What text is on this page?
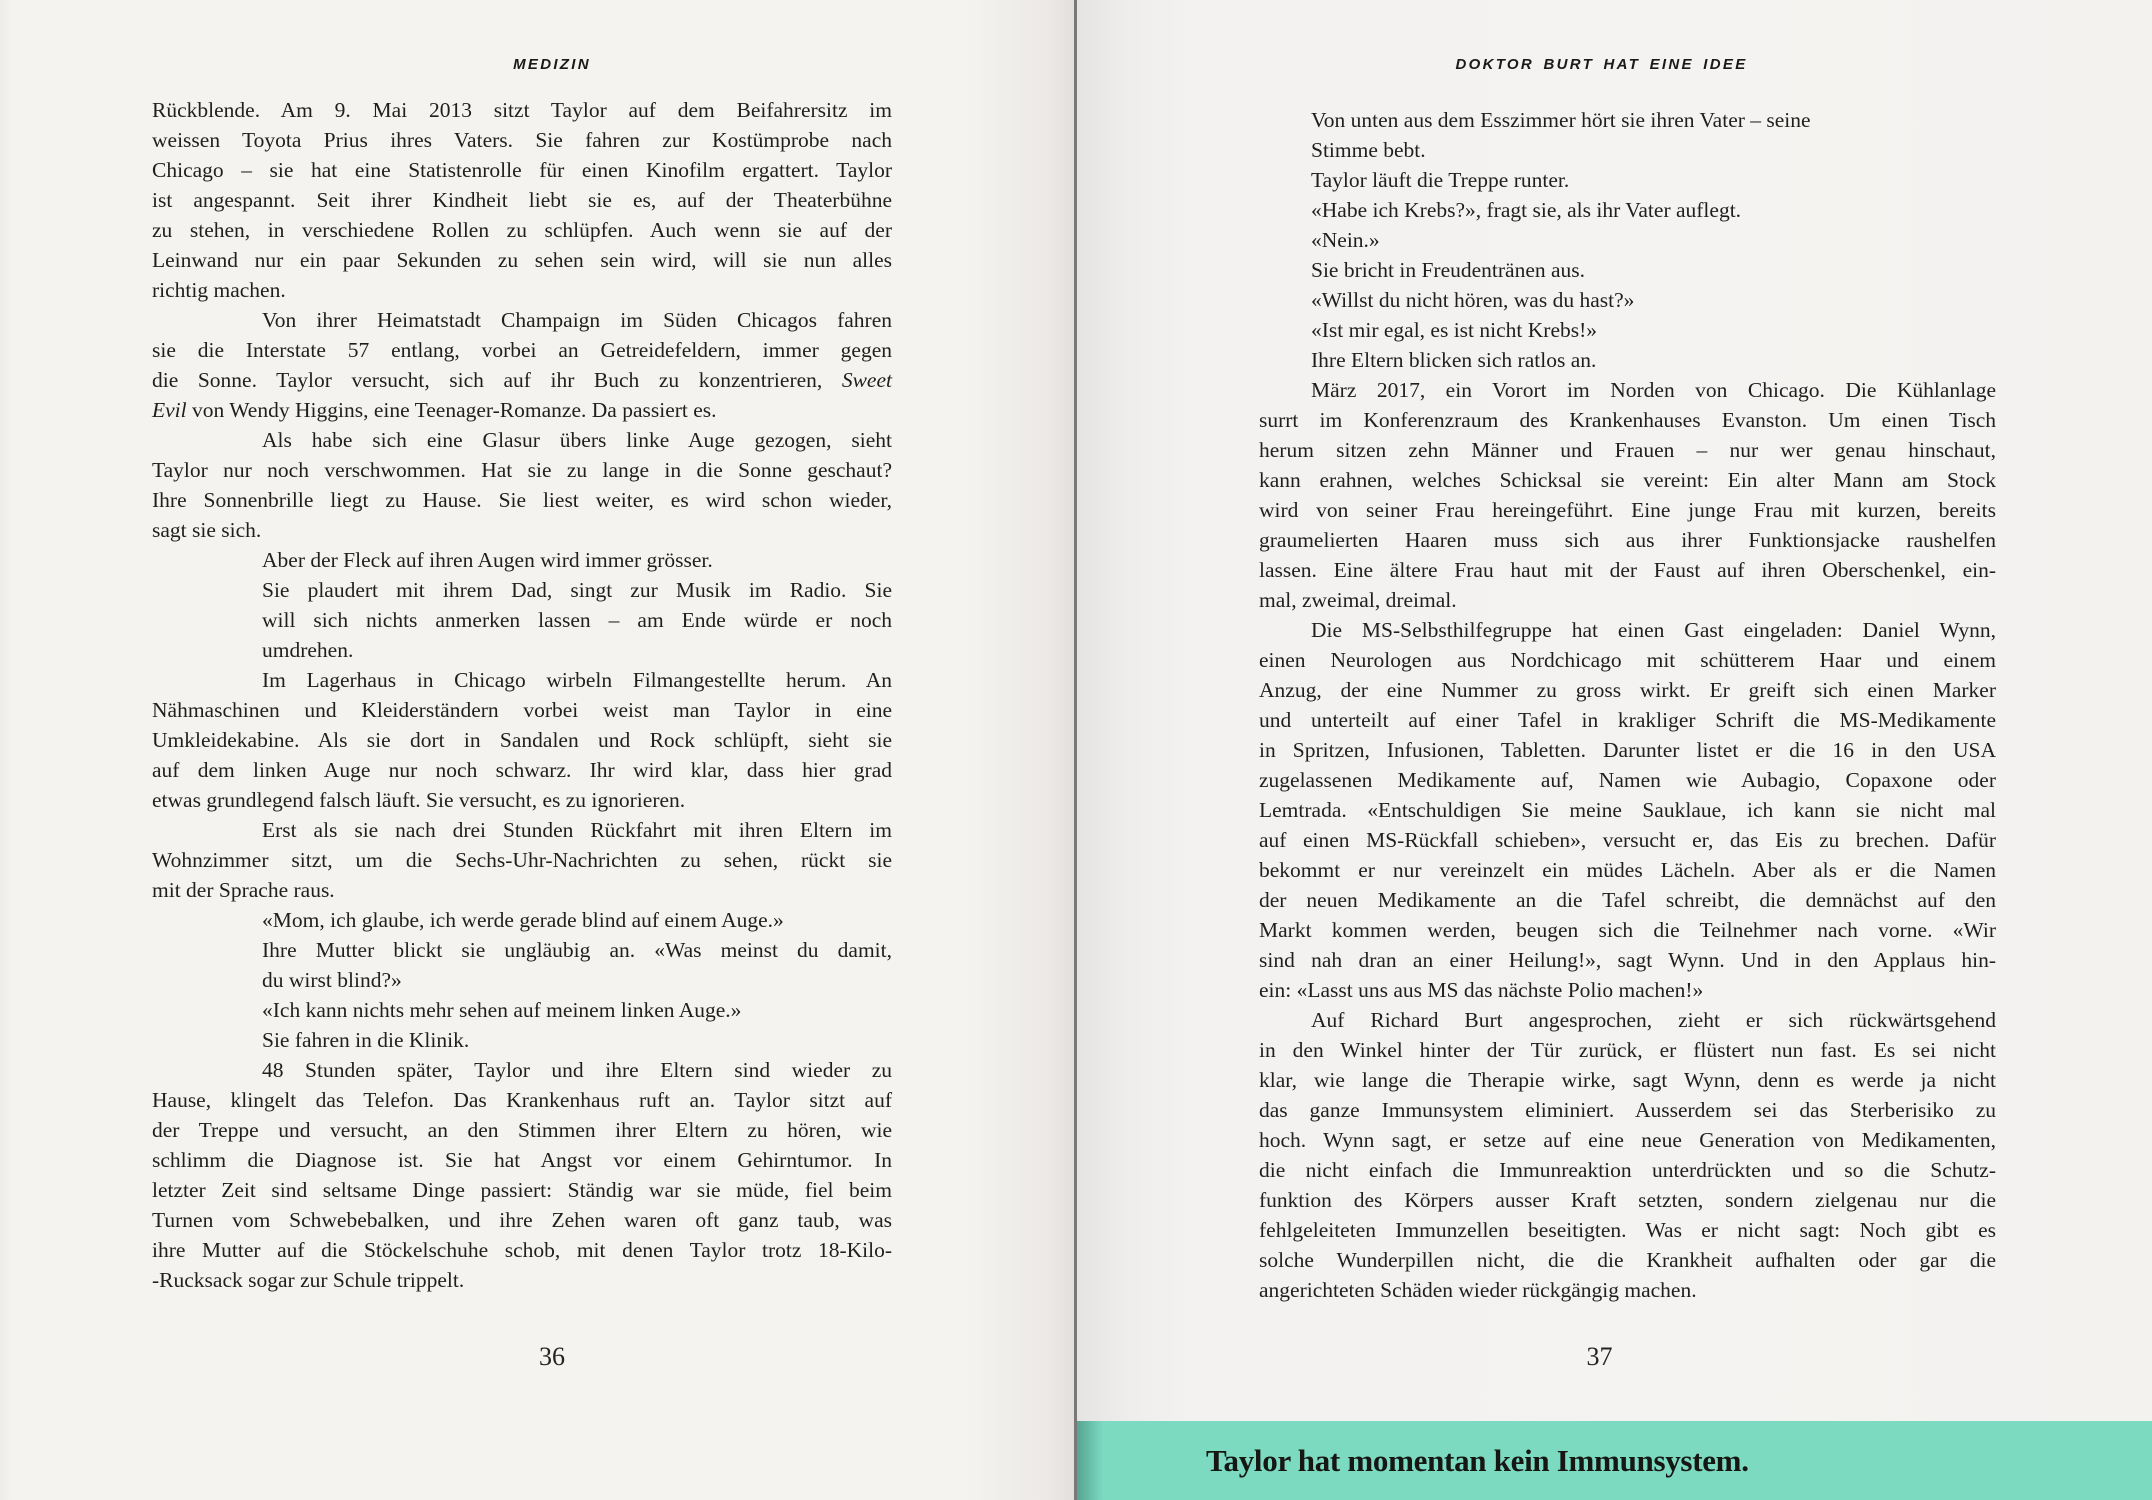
MEDIZIN
Rückblende. Am 9. Mai 2013 sitzt Taylor auf dem Beifahrersitz im
weissen Toyota Prius ihres Vaters. Sie fahren zur Kostümprobe nach
Chicago – sie hat eine Statistenrolle für einen Kinofilm ergattert. Taylor
ist angespannt. Seit ihrer Kindheit liebt sie es, auf der Theaterbühne
zu stehen, in verschiedene Rollen zu schlüpfen. Auch wenn sie auf der
Leinwand nur ein paar Sekunden zu sehen sein wird, will sie nun alles
richtig machen.
Von ihrer Heimatstadt Champaign im Süden Chicagos fahren
sie die Interstate 57 entlang, vorbei an Getreidefeldern, immer gegen
die Sonne. Taylor versucht, sich auf ihr Buch zu konzentrieren, Sweet
Evil von Wendy Higgins, eine Teenager-Romanze. Da passiert es.
Als habe sich eine Glasur übers linke Auge gezogen, sieht
Taylor nur noch verschwommen. Hat sie zu lange in die Sonne geschaut?
Ihre Sonnenbrille liegt zu Hause. Sie liest weiter, es wird schon wieder,
sagt sie sich.
Aber der Fleck auf ihren Augen wird immer grösser.
Sie plaudert mit ihrem Dad, singt zur Musik im Radio. Sie
will sich nichts anmerken lassen – am Ende würde er noch
umdrehen.
Im Lagerhaus in Chicago wirbeln Filmangestellte herum. An
Nähmaschinen und Kleiderständern vorbei weist man Taylor in eine
Umkleidekabine. Als sie dort in Sandalen und Rock schlüpft, sieht sie
auf dem linken Auge nur noch schwarz. Ihr wird klar, dass hier grad
etwas grundlegend falsch läuft. Sie versucht, es zu ignorieren.
Erst als sie nach drei Stunden Rückfahrt mit ihren Eltern im
Wohnzimmer sitzt, um die Sechs-Uhr-Nachrichten zu sehen, rückt sie
mit der Sprache raus.
«Mom, ich glaube, ich werde gerade blind auf einem Auge.»
Ihre Mutter blickt sie ungläubig an. «Was meinst du damit,
du wirst blind?»
«Ich kann nichts mehr sehen auf meinem linken Auge.»
Sie fahren in die Klinik.
48 Stunden später, Taylor und ihre Eltern sind wieder zu
Hause, klingelt das Telefon. Das Krankenhaus ruft an. Taylor sitzt auf
der Treppe und versucht, an den Stimmen ihrer Eltern zu hören, wie
schlimm die Diagnose ist. Sie hat Angst vor einem Gehirntumor. In
letzter Zeit sind seltsame Dinge passiert: Ständig war sie müde, fiel beim
Turnen vom Schwebebalken, und ihre Zehen waren oft ganz taub, was
ihre Mutter auf die Stöckelschuhe schob, mit denen Taylor trotz 18-Kilo-
-Rucksack sogar zur Schule trippelt.
36
DOKTOR BURT HAT EINE IDEE
Von unten aus dem Esszimmer hört sie ihren Vater – seine
Stimme bebt.
Taylor läuft die Treppe runter.
«Habe ich Krebs?», fragt sie, als ihr Vater auflegt.
«Nein.»
Sie bricht in Freudentränen aus.
«Willst du nicht hören, was du hast?»
«Ist mir egal, es ist nicht Krebs!»
Ihre Eltern blicken sich ratlos an.
März 2017, ein Vorort im Norden von Chicago. Die Kühlanlage
surrt im Konferenzraum des Krankenhauses Evanston. Um einen Tisch
herum sitzen zehn Männer und Frauen – nur wer genau hinschaut,
kann erahnen, welches Schicksal sie vereint: Ein alter Mann am Stock
wird von seiner Frau hereingeführt. Eine junge Frau mit kurzen, bereits
graumelierten Haaren muss sich aus ihrer Funktionsjacke raushelfen
lassen. Eine ältere Frau haut mit der Faust auf ihren Oberschenkel, ein-
mal, zweimal, dreimal.
Die MS-Selbsthilfegruppe hat einen Gast eingeladen: Daniel Wynn,
einen Neurologen aus Nordchicago mit schütterem Haar und einem
Anzug, der eine Nummer zu gross wirkt. Er greift sich einen Marker
und unterteilt auf einer Tafel in krakliger Schrift die MS-Medikamente
in Spritzen, Infusionen, Tabletten. Darunter listet er die 16 in den USA
zugelassenen Medikamente auf, Namen wie Aubagio, Copaxone oder
Lemtrada. «Entschuldigen Sie meine Sauklaue, ich kann sie nicht mal
auf einen MS-Rückfall schieben», versucht er, das Eis zu brechen. Dafür
bekommt er nur vereinzelt ein müdes Lächeln. Aber als er die Namen
der neuen Medikamente an die Tafel schreibt, die demnächst auf den
Markt kommen werden, beugen sich die Teilnehmer nach vorne. «Wir
sind nah dran an einer Heilung!», sagt Wynn. Und in den Applaus hin-
ein: «Lasst uns aus MS das nächste Polio machen!»
Auf Richard Burt angesprochen, zieht er sich rückwärtsgehend
in den Winkel hinter der Tür zurück, er flüstert nun fast. Es sei nicht
klar, wie lange die Therapie wirke, sagt Wynn, denn es werde ja nicht
das ganze Immunsystem eliminiert. Ausserdem sei das Sterberisiko zu
hoch. Wynn sagt, er setze auf eine neue Generation von Medikamenten,
die nicht einfach die Immunreaktion unterdrückten und so die Schutz-
funktion des Körpers ausser Kraft setzten, sondern zielgenau nur die
fehlgeleiteten Immunzellen beseitigten. Was er nicht sagt: Noch gibt es
solche Wunderpillen nicht, die die Krankheit aufhalten oder gar die
angerichteten Schäden wieder rückgängig machen.
37
Taylor hat momentan kein Immunsystem.
